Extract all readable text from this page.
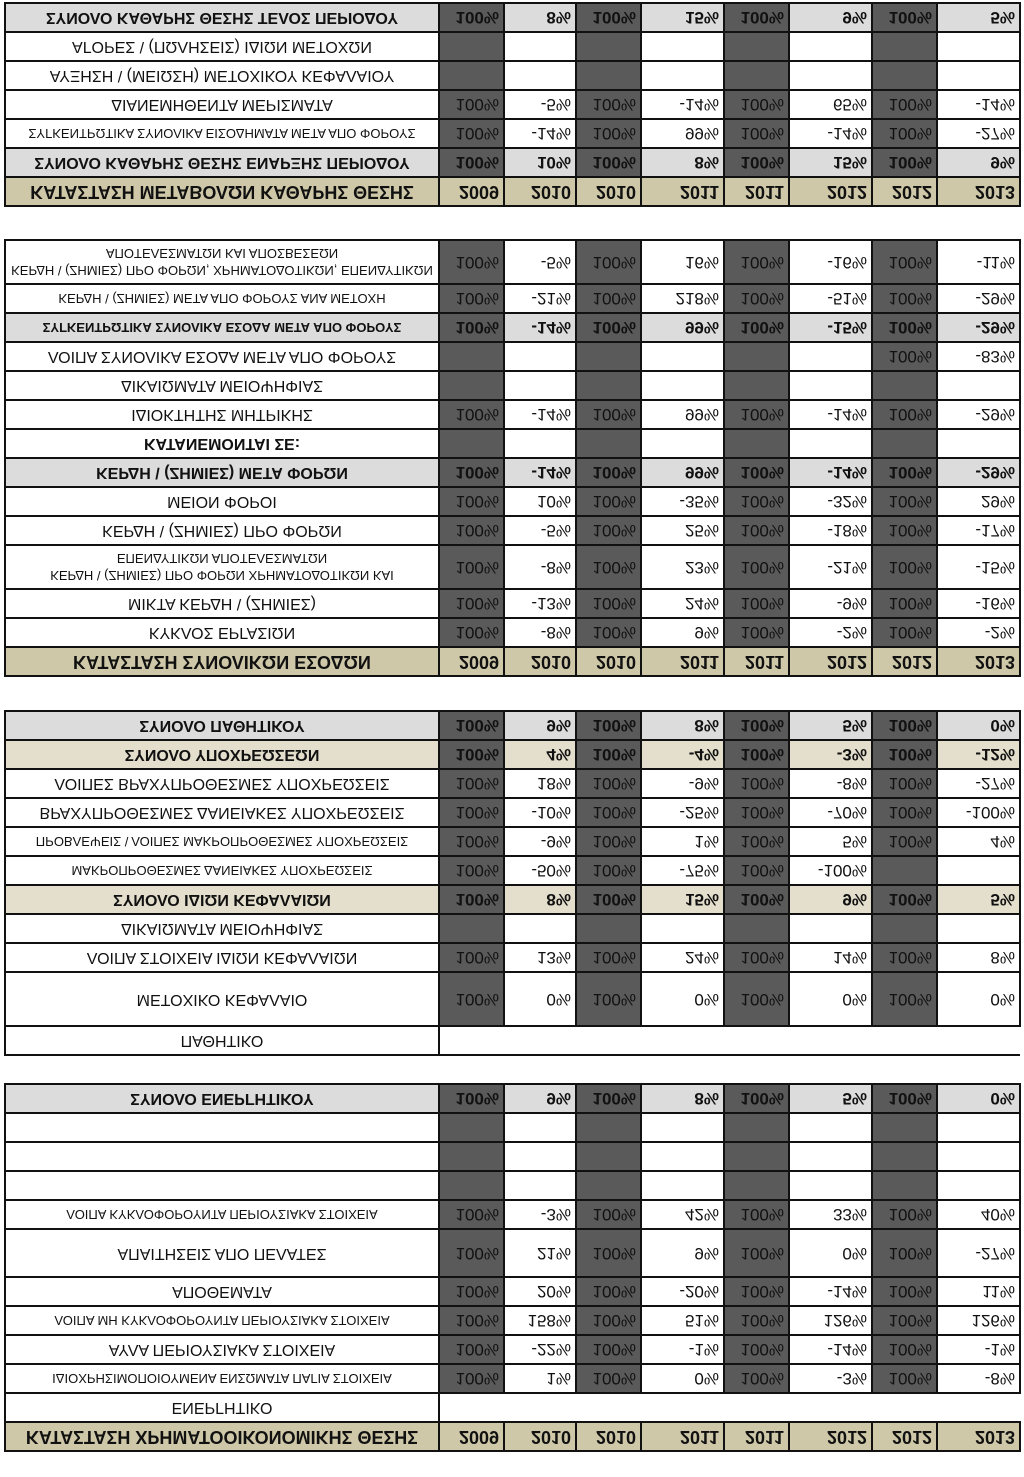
ΚΑΤΑΣΤΑΣΗ ΜΕΤΑΒΟΛΩΝ ΚΑΘΑΡΗΣ ΘΕΣΗΣ	2009	2010	2010	2011	2011	2012	2012	2013
ΣΥΝΟΛΟ ΚΑΘΑΡΗΣ ΘΕΣΗΣ ΕΝΑΡΞΗΣ ΠΕΡΙΟΔΟΥ	100%	10%	100%	8%	100%	15%	100%	9%
ΣΥΓΚΕΝΤΡΩΤΙΚΑ ΣΥΝΟΛΙΚΑ ΕΙΣΟΔΗΜΑΤΑ ΜΕΤΑ ΑΠΟ ΦΟΡΟΥΣ	100%	-14%	100%	99%	100%	-14%	100%	-27%
ΔΙΑΝΕΜΗΘΕΝΤΑ ΜΕΡΙΣΜΑΤΑ	100%	-5%	100%	-14%	100%	65%	100%	-14%
ΑΥΞΗΣΗ \ (ΜΕΙΩΣΗ) ΜΕΤΟΧΙΚΟΥ ΚΕΦΑΛΑΙΟΥ								
ΑΓΟΡΕΣ \ (ΠΩΛΗΣΕΙΣ) ΙΔΙΩΝ ΜΕΤΟΧΩΝ								
ΣΥΝΟΛΟ ΚΑΘΑΡΗΣ ΘΕΣΗΣ ΤΕΛΟΣ ΠΕΡΙΟΔΟΥ	100%	8%	100%	15%	100%	9%	100%	5%
ΚΑΤΑΣΤΑΣΗ ΣΥΝΟΛΙΚΩΝ ΕΣΟΔΩΝ	2009	2010	2010	2011	2011	2012	2012	2013
ΚΥΚΛΟΣ ΕΡΓΑΣΙΩΝ	100%	-8%	100%	9%	100%	-2%	100%	-2%
ΜΙΚΤΑ ΚΕΡΔΗ \ (ΖΗΜΙΕΣ)	100%	-13%	100%	24%	100%	-9%	100%	-16%
ΚΕΡΔΗ \ (ΖΗΜΙΕΣ) ΠΡΟ ΦΟΡΩΝ ΧΡΗΜΑΤΟΔΟΤΙΚΩΝ ΚΑΙ ΕΠΕΝΔΥΤΙΚΩΝ ΑΠΟΤΕΛΕΣΜΑΤΩΝ	100%	-8%	100%	23%	100%	-21%	100%	-15%
ΚΕΡΔΗ \ (ΖΗΜΙΕΣ) ΠΡΟ ΦΟΡΩΝ	100%	-5%	100%	25%	100%	-18%	100%	-17%
ΜΕΙΟΝ ΦΟΡΟΙ	100%	10%	100%	-35%	100%	-32%	100%	29%
ΚΕΡΔΗ \ (ΖΗΜΙΕΣ) ΜΕΤΑ ΦΟΡΩΝ	100%	-14%	100%	99%	100%	-14%	100%	-29%
ΚΑΤΑΝΕΜΟΝΤΑΙ ΣΕ:								
ΙΔΙΟΚΤΗΤΗΣ ΜΗΤΡΙΚΗΣ	100%	-14%	100%	99%	100%	-14%	100%	-29%
ΔΙΚΑΙΩΜΑΤΑ ΜΕΙΟΨΗΦΙΑΣ								
ΛΟΙΠΑ ΣΥΝΟΛΙΚΑ ΕΣΟΔΑ ΜΕΤΑ ΑΠΟ ΦΟΡΟΥΣ							100%	-83%
ΣΥΓΚΕΝΤΡΩΤΙΚΑ ΣΥΝΟΛΙΚΑ ΕΣΟΔΑ ΜΕΤΑ ΑΠΟ ΦΟΡΟΥΣ	100%	-14%	100%	99%	100%	-15%	100%	-29%
ΚΕΡΔΗ \ (ΖΗΜΙΕΣ) ΜΕΤΑ ΑΠΟ ΦΟΡΟΥΣ ΑΝΑ ΜΕΤΟΧΗ	100%	-21%	100%	218%	100%	-51%	100%	-29%
ΚΕΡΔΗ \ (ΖΗΜΙΕΣ) ΠΡΟ ΦΟΡΩΝ, ΧΡΗΜΑΤΟΔΟΤΙΚΩΝ, ΕΠΕΝΔΥΤΙΚΩΝ ΑΠΟΤΕΛΕΣΜΑΤΩΝ ΚΑΙ ΑΠΟΣΒΕΣΕΩΝ	100%	-5%	100%	16%	100%	-16%	100%	-11%
ΚΑΤΑΣΤΑΣΗ ΧΡΗΜΑΤΟΟΙΚΟΝΟΜΙΚΗΣ ΘΕΣΗΣ	2009	2010	2010	2011	2011	2012	2012	2013
ΕΝΕΡΓΗΤΙΚΟ								
ΙΔΙΟΧΡΗΣΙΜΟΠΟΙΟΥΜΕΝΑ ΕΝΣΩΜΑΤΑ ΠΑΓΙΑ ΣΤΟΙΧΕΙΑ	100%	1%	100%	0%	100%	-3%	100%	-8%
ΑΥΛΑ ΠΕΡΙΟΥΣΙΑΚΑ ΣΤΟΙΧΕΙΑ	100%	-22%	100%	-1%	100%	-14%	100%	-1%
ΛΟΙΠΑ ΜΗ ΚΥΚΛΟΦΟΡΟΥΝΤΑ ΠΕΡΙΟΥΣΙΑΚΑ ΣΤΟΙΧΕΙΑ	100%	158%	100%	51%	100%	126%	100%	126%
ΑΠΟΘΕΜΑΤΑ	100%	20%	100%	-20%	100%	-14%	100%	11%
ΑΠΑΙΤΗΣΕΙΣ ΑΠΟ ΠΕΛΑΤΕΣ	100%	21%	100%	9%	100%	0%	100%	-27%
ΛΟΙΠΑ ΚΥΚΛΟΦΟΡΟΥΝΤΑ ΠΕΡΙΟΥΣΙΑΚΑ ΣΤΟΙΧΕΙΑ	100%	-3%	100%	42%	100%	33%	100%	40%

ΣΥΝΟΛΟ ΕΝΕΡΓΗΤΙΚΟΥ	100%	9%	100%	8%	100%	5%	100%	0%

ΠΑΘΗΤΙΚΟ								
ΜΕΤΟΧΙΚΟ ΚΕΦΑΛΑΙΟ	100%	0%	100%	0%	100%	0%	100%	0%
ΛΟΙΠΑ ΣΤΟΙΧΕΙΑ ΙΔΙΩΝ ΚΕΦΑΛΑΙΩΝ	100%	13%	100%	24%	100%	14%	100%	8%
ΔΙΚΑΙΩΜΑΤΑ ΜΕΙΟΨΗΦΙΑΣ								
ΣΥΝΟΛΟ ΙΔΙΩΝ ΚΕΦΑΛΑΙΩΝ	100%	8%	100%	15%	100%	9%	100%	5%
ΜΑΚΡΟΠΡΟΘΕΣΜΕΣ ΔΑΝΕΙΑΚΕΣ ΥΠΟΧΡΕΩΣΕΙΣ	100%	-50%	100%	-75%	100%	-100%		
ΠΡΟΒΛΕΨΕΙΣ \ ΛΟΙΠΕΣ ΜΑΚΡΟΠΡΟΘΕΣΜΕΣ ΥΠΟΧΡΕΩΣΕΙΣ	100%	-9%	100%	1%	100%	5%	100%	4%
ΒΡΑΧΥΠΡΟΘΕΣΜΕΣ ΔΑΝΕΙΑΚΕΣ ΥΠΟΧΡΕΩΣΕΙΣ	100%	-10%	100%	-25%	100%	-70%	100%	-100%
ΛΟΙΠΕΣ ΒΡΑΧΥΠΡΟΘΕΣΜΕΣ ΥΠΟΧΡΕΩΣΕΙΣ	100%	18%	100%	-9%	100%	-8%	100%	-27%
ΣΥΝΟΛΟ ΥΠΟΧΡΕΩΣΕΩΝ	100%	4%	100%	-4%	100%	-3%	100%	-12%
ΣΥΝΟΛΟ ΠΑΘΗΤΙΚΟΥ	100%	9%	100%	8%	100%	5%	100%	0%
